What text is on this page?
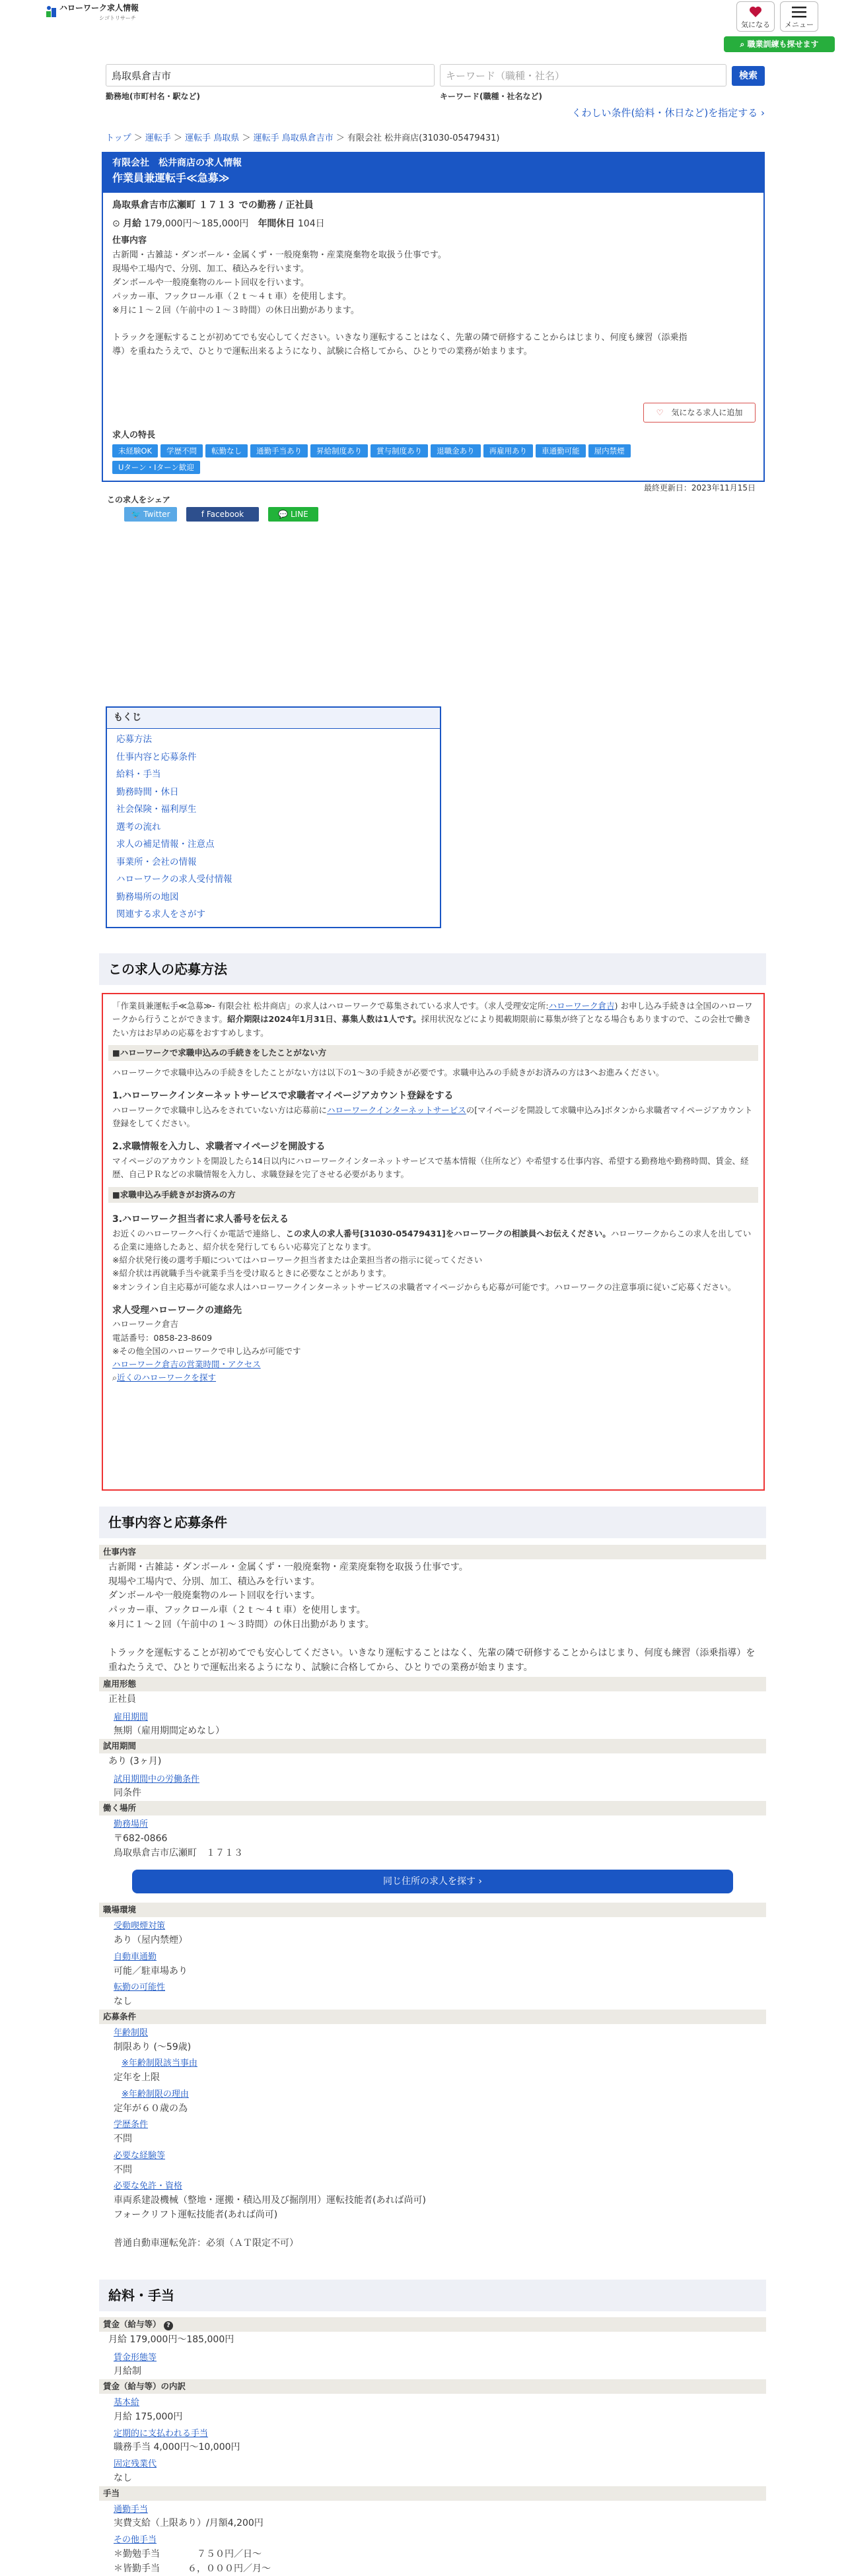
ハローワーク求人情報
シゴトリサーチ
気になる	メニュー
⌕ 職業訓練も探せます
鳥取県倉吉市	キーワード（職種・社名）	検索
勤務地(市町村名・駅など)	キーワード(職種・社名など)
くわしい条件(給料・休日など)を指定する ›
トップ ＞ 運転手 ＞ 運転手 鳥取県 ＞ 運転手 鳥取県倉吉市 ＞ 有限会社 松井商店(31030-05479431)
有限会社　松井商店の求人情報
作業員兼運転手≪急募≫
鳥取県倉吉市広瀬町 １７１３ での勤務 / 正社員
⊙ 月給 179,000円〜185,000円　 年間休日 104日
仕事内容
古新聞・古雑誌・ダンボール・金属くず・一般廃棄物・産業廃棄物を取扱う仕事です。
現場や工場内で、分別、加工、積込みを行います。
ダンボールや一般廃棄物のルート回収を行います。
パッカー車、フックロール車（２ｔ〜４ｔ車）を使用します。
※月に１〜２回（午前中の１〜３時間）の休日出勤があります。
トラックを運転することが初めてでも安心してください。いきなり運転することはなく、先輩の隣で研修することからはじまり、何度も練習（添乗指
導）を重ねたうえで、ひとりで運転出来るようになり、試験に合格してから、ひとりでの業務が始まります。
♡　 気になる求人に追加
求人の特長
未経験OK 学歴不問 転勤なし 通勤手当あり 昇給制度あり 賞与制度あり 退職金あり 再雇用あり 車通勤可能 屋内禁煙Uターン・Iターン歓迎
最終更新日：2023年11月15日
この求人をシェア
🐦 Twitter	f Facebook	💬 LINE
もくじ
応募方法
仕事内容と応募条件
給料・手当
勤務時間・休日
社会保険・福利厚生
選考の流れ
求人の補足情報・注意点
事業所・会社の情報
ハローワークの求人受付情報
勤務場所の地図
関連する求人をさがす
この求人の応募方法
「作業員兼運転手≪急募≫- 有限会社 松井商店」の求人はハローワークで募集されている求人です。（求人受理安定所:ハローワーク倉吉) お申し込み手続きは全国のハローワークから行うことができます。紹介期限は2024年1月31日、募集人数は1人です。採用状況などにより掲載期限前に募集が終了となる場合もありますので、この会社で働きたい方はお早めの応募をおすすめします。
■ハローワークで求職申込みの手続きをしたことがない方
ハローワークで求職申込みの手続きをしたことがない方は以下の1〜3の手続きが必要です。求職申込みの手続きがお済みの方は3へお進みください。
1.ハローワークインターネットサービスで求職者マイページアカウント登録をする
ハローワークで求職申し込みをされていない方は応募前にハローワークインターネットサービスの[マイページを開設して求職申込み]ボタンから求職者マイページアカウント登録をしてください。
2.求職情報を入力し、求職者マイページを開設する
マイページのアカウントを開設したら14日以内にハローワークインターネットサービスで基本情報（住所など）や希望する仕事内容、希望する勤務地や勤務時間、賃金、経歴、自己ＰＲなどの求職情報を入力し、求職登録を完了させる必要があります。
■求職申込み手続きがお済みの方
3.ハローワーク担当者に求人番号を伝える
お近くのハローワークへ行くか電話で連絡し、この求人の求人番号[31030-05479431]をハローワークの相談員へお伝えください。ハローワークからこの求人を出している企業に連絡したあと、紹介状を発行してもらい応募完了となります。
※紹介状発行後の選考手順についてはハローワーク担当者または企業担当者の指示に従ってください
※紹介状は再就職手当や就業手当を受け取るときに必要なことがあります。
※オンライン自主応募が可能な求人はハローワークインターネットサービスの求職者マイページからも応募が可能です。ハローワークの注意事項に従いご応募ください。
求人受理ハローワークの連絡先
ハローワーク倉吉
電話番号：0858-23-8609
※その他全国のハローワークで申し込みが可能です
ハローワーク倉吉の営業時間・アクセス
⌕近くのハローワークを探す
仕事内容と応募条件
仕事内容
古新聞・古雑誌・ダンボール・金属くず・一般廃棄物・産業廃棄物を取扱う仕事です。
現場や工場内で、分別、加工、積込みを行います。
ダンボールや一般廃棄物のルート回収を行います。
パッカー車、フックロール車（２ｔ〜４ｔ車）を使用します。
※月に１〜２回（午前中の１〜３時間）の休日出勤があります。
トラックを運転することが初めてでも安心してください。いきなり運転することはなく、先輩の隣で研修することからはじまり、何度も練習（添乗指導）を重ねたうえで、ひとりで運転出来るようになり、試験に合格してから、ひとりでの業務が始まります。
雇用形態
正社員
雇用期間
無期（雇用期間定めなし）
試用期間
あり (3ヶ月)
試用期間中の労働条件
同条件
働く場所
勤務場所
〒682-0866
鳥取県倉吉市広瀬町　１７１３
同じ住所の求人を探す ›
職場環境
受動喫煙対策
あり（屋内禁煙）
自動車通勤
可能／駐車場あり
転勤の可能性
なし
応募条件
年齢制限
制限あり (〜59歳)
※年齢制限該当事由
定年を上限
※年齢制限の理由
定年が６０歳の為
学歴条件
不問
必要な経験等
不問
必要な免許・資格
車両系建設機械（整地・運搬・積込用及び掘削用）運転技能者(あれば尚可)
フォークリフト運転技能者(あれば尚可)
普通自動車運転免許：必須（ＡＴ限定不可）
給料・手当
賃金（給与等） ?
月給 179,000円〜185,000円
賃金形態等
月給制
賃金（給与等）の内訳
基本給
月給 175,000円
定期的に支払われる手当
職務手当 4,000円〜10,000円
固定残業代
なし
手当
通勤手当
実費支給（上限あり）/月額4,200円
その他手当
＊勤勉手当　　　　７５０円／日〜
＊皆勤手当　　　６，０００円／月〜
